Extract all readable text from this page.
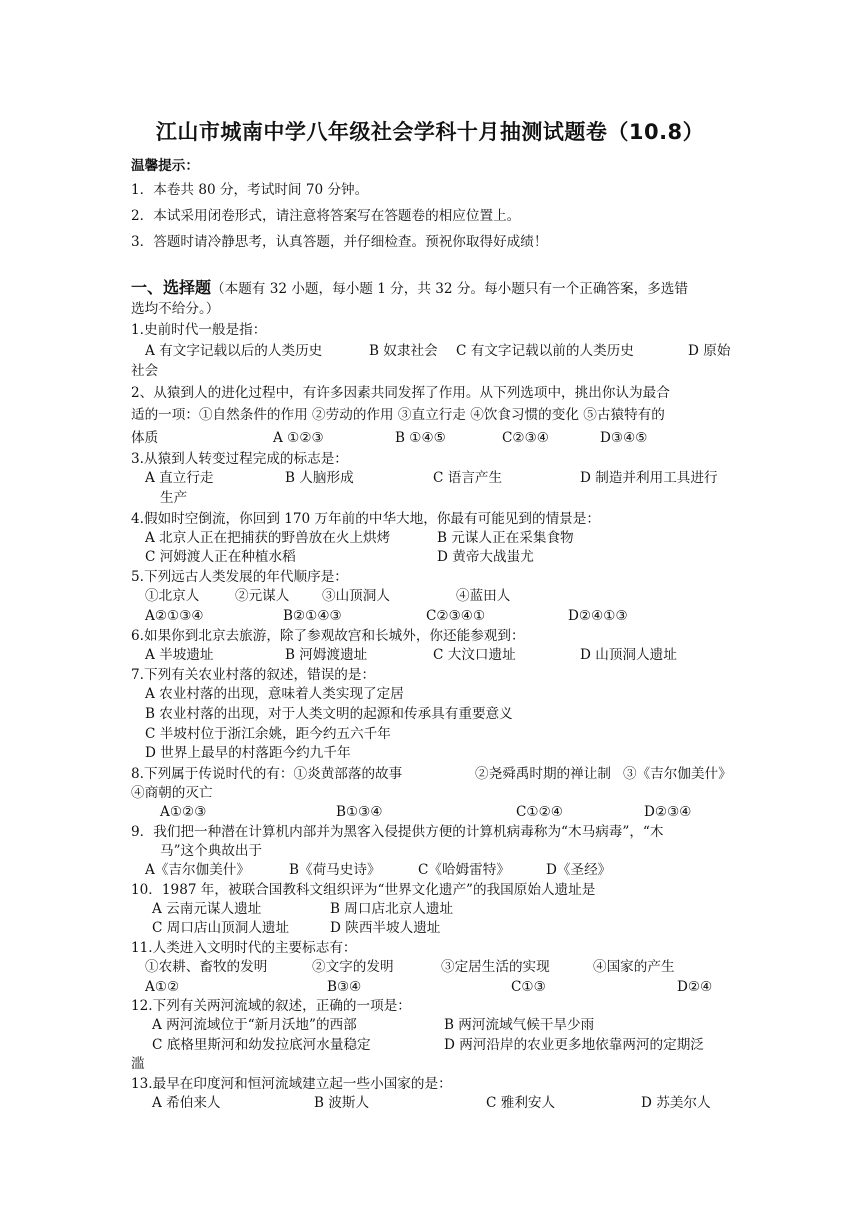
江山市城南中学八年级社会学科十月抽测试题卷（10.8）
温馨提示：
1．本卷共 80 分，考试时间 70 分钟。
2．本试采用闭卷形式，请注意将答案写在答题卷的相应位置上。
3．答题时请冷静思考，认真答题，并仔细检查。预祝你取得好成绩！
一、选择题（本题有 32 小题，每小题 1 分，共 32 分。每小题只有一个正确答案，多选错
选均不给分。）
1.史前时代一般是指：
A 有文字记载以后的人类历史	B 奴隶社会 C 有文字记载以前的人类历史	D 原始
社会
2、从猿到人的进化过程中，有许多因素共同发挥了作用。从下列选项中，挑出你认为最合
适的一项：①自然条件的作用 ②劳动的作用 ③直立行走 ④饮食习惯的变化 ⑤古猿特有的
体质	A ①②③	B ①④⑤	C②③④	D③④⑤
3.从猿到人转变过程完成的标志是：
A 直立行走	B 人脑形成	C 语言产生	D 制造并利用工具进行
生产
4.假如时空倒流，你回到 170 万年前的中华大地，你最有可能见到的情景是：
A 北京人正在把捕获的野兽放在火上烘烤	B 元谋人正在采集食物
C 河姆渡人正在种植水稻	D 黄帝大战蚩尤
5.下列远古人类发展的年代顺序是：
①北京人	②元谋人 ③山顶洞人	④蓝田人
A②①③④	B②①④③	C②③④①	D②④①③
6.如果你到北京去旅游，除了参观故宫和长城外，你还能参观到：
A 半坡遗址	B 河姆渡遗址	C 大汶口遗址	D 山顶洞人遗址
7.下列有关农业村落的叙述，错误的是：
A 农业村落的出现，意味着人类实现了定居
B 农业村落的出现，对于人类文明的起源和传承具有重要意义
C 半坡村位于浙江余姚，距今约五六千年
D 世界上最早的村落距今约九千年
8.下列属于传说时代的有：①炎黄部落的故事	②尧舜禹时期的禅让制 ③《吉尔伽美什》
④商朝的灭亡
A①②③	B①③④	C①②④	D②③④
9．我们把一种潜在计算机内部并为黑客入侵提供方便的计算机病毒称为“木马病毒”，“木
马”这个典故出于
A《吉尔伽美什》	B《荷马史诗》	C《哈姆雷特》	D《圣经》
10．1987 年，被联合国教科文组织评为“世界文化遗产”的我国原始人遗址是
A 云南元谋人遗址	B 周口店北京人遗址
C 周口店山顶洞人遗址	D 陕西半坡人遗址
11.人类进入文明时代的主要标志有：
①农耕、畜牧的发明	②文字的发明	③定居生活的实现	④国家的产生
A①②	B③④	C①③	D②④
12.下列有关两河流域的叙述，正确的一项是：
A 两河流域位于“新月沃地”的西部	B 两河流域气候干旱少雨
C 底格里斯河和幼发拉底河水量稳定	D 两河沿岸的农业更多地依靠两河的定期泛
滥
13.最早在印度河和恒河流域建立起一些小国家的是：
A 希伯来人	B 波斯人	C 雅利安人	D 苏美尔人
